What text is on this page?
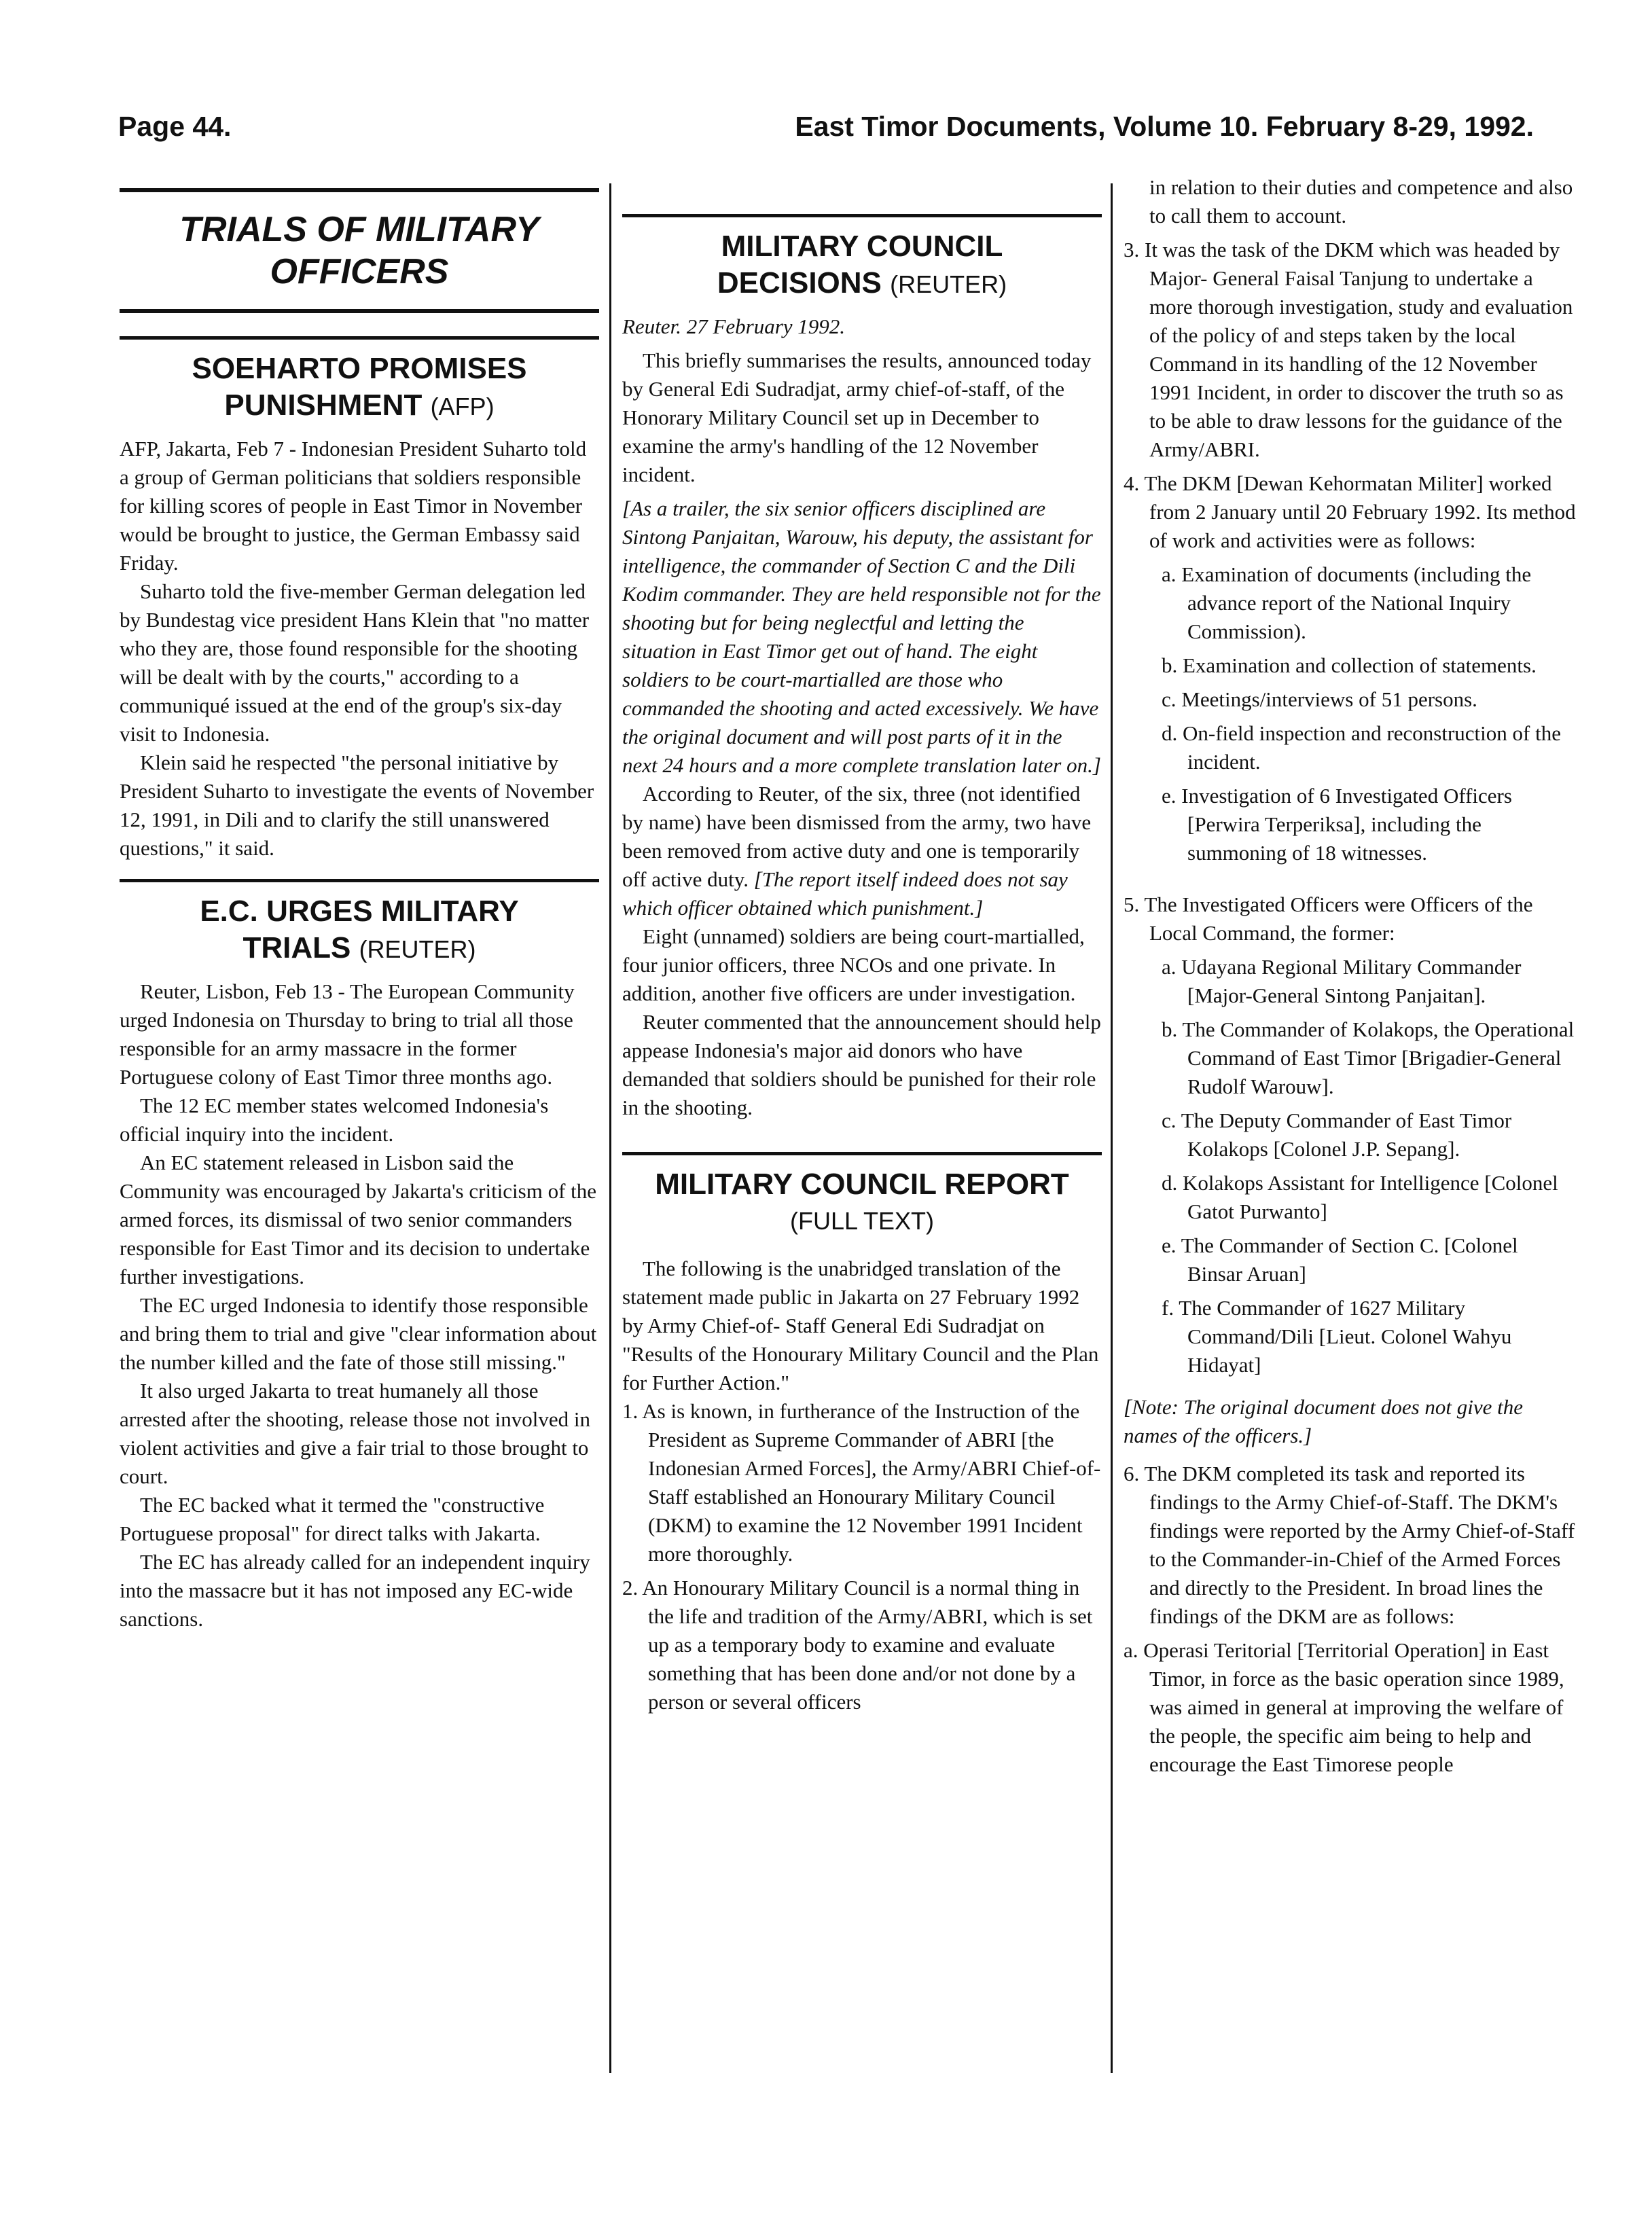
Page 44.	East Timor Documents, Volume 10. February 8-29, 1992.
TRIALS OF MILITARY
OFFICERS
SOEHARTO PROMISES
PUNISHMENT (AFP)

AFP, Jakarta, Feb 7 - Indonesian President Suharto told a group of German politicians that soldiers responsible for killing scores of people in East Timor in November would be brought to justice, the German Embassy said Friday.

Suharto told the five-member German delegation led by Bundestag vice president Hans Klein that "no matter who they are, those found responsible for the shooting will be dealt with by the courts," according to a communiqué issued at the end of the group's six-day visit to Indonesia.

Klein said he respected "the personal initiative by President Suharto to investigate the events of November 12, 1991, in Dili and to clarify the still unanswered questions," it said.

E.C. URGES MILITARY
TRIALS (REUTER)

Reuter, Lisbon, Feb 13 - The European Community urged Indonesia on Thursday to bring to trial all those responsible for an army massacre in the former Portuguese colony of East Timor three months ago.

The 12 EC member states welcomed Indonesia's official inquiry into the incident.

An EC statement released in Lisbon said the Community was encouraged by Jakarta's criticism of the armed forces, its dismissal of two senior commanders responsible for East Timor and its decision to undertake further investigations.

The EC urged Indonesia to identify those responsible and bring them to trial and give "clear information about the number killed and the fate of those still missing."

It also urged Jakarta to treat humanely all those arrested after the shooting, release those not involved in violent activities and give a fair trial to those brought to court.

The EC backed what it termed the "constructive Portuguese proposal" for direct talks with Jakarta.

The EC has already called for an independent inquiry into the massacre but it has not imposed any EC-wide sanctions.

MILITARY COUNCIL
DECISIONS (REUTER)

Reuter. 27 February 1992.

This briefly summarises the results, announced today by General Edi Sudradjat, army chief-of-staff, of the Honorary Military Council set up in December to examine the army's handling of the 12 November incident.

[As a trailer, the six senior officers disciplined are Sintong Panjaitan, Warouw, his deputy, the assistant for intelligence, the commander of Section C and the Dili Kodim commander. They are held responsible not for the shooting but for being neglectful and letting the situation in East Timor get out of hand. The eight soldiers to be court-martialled are those who commanded the shooting and acted excessively. We have the original document and will post parts of it in the next 24 hours and a more complete translation later on.]

According to Reuter, of the six, three (not identified by name) have been dismissed from the army, two have been removed from active duty and one is temporarily off active duty. [The report itself indeed does not say which officer obtained which punishment.]

Eight (unnamed) soldiers are being court-martialled, four junior officers, three NCOs and one private. In addition, another five officers are under investigation.

Reuter commented that the announcement should help appease Indonesia's major aid donors who have demanded that soldiers should be punished for their role in the shooting.

MILITARY COUNCIL REPORT
(FULL TEXT)

The following is the unabridged translation of the statement made public in Jakarta on 27 February 1992 by Army Chief-of- Staff General Edi Sudradjat on "Results of the Honourary Military Council and the Plan for Further Action."

1. As is known, in furtherance of the Instruction of the President as Supreme Commander of ABRI [the Indonesian Armed Forces], the Army/ABRI Chief-of-Staff established an Honourary Military Council (DKM) to examine the 12 November 1991 Incident more thoroughly.
2. An Honourary Military Council is a normal thing in the life and tradition of the Army/ABRI, which is set up as a temporary body to examine and evaluate something that has been done and/or not done by a person or several officers
in relation to their duties and competence and also to call them to account.
3. It was the task of the DKM which was headed by Major- General Faisal Tanjung to undertake a more thorough investigation, study and evaluation of the policy of and steps taken by the local Command in its handling of the 12 November 1991 Incident, in order to discover the truth so as to be able to draw lessons for the guidance of the Army/ABRI.
4. The DKM [Dewan Kehormatan Militer] worked from 2 January until 20 February 1992. Its method of work and activities were as follows:
a. Examination of documents (including the advance report of the National Inquiry Commission).
b. Examination and collection of statements.
c. Meetings/interviews of 51 persons.
d. On-field inspection and reconstruction of the incident.
e. Investigation of 6 Investigated Officers [Perwira Terperiksa], including the summoning of 18 witnesses.
5. The Investigated Officers were Officers of the Local Command, the former:
a. Udayana Regional Military Commander [Major-General Sintong Panjaitan].
b. The Commander of Kolakops, the Operational Command of East Timor [Brigadier-General Rudolf Warouw].
c. The Deputy Commander of East Timor Kolakops [Colonel J.P. Sepang].
d. Kolakops Assistant for Intelligence [Colonel Gatot Purwanto]
e. The Commander of Section C. [Colonel Binsar Aruan]
f. The Commander of 1627 Military Command/Dili [Lieut. Colonel Wahyu Hidayat]

[Note: The original document does not give the names of the officers.]

6. The DKM completed its task and reported its findings to the Army Chief-of-Staff. The DKM's findings were reported by the Army Chief-of-Staff to the Commander-in-Chief of the Armed Forces and directly to the President. In broad lines the findings of the DKM are as follows:
a. Operasi Teritorial [Territorial Operation] in East Timor, in force as the basic operation since 1989, was aimed in general at improving the welfare of the people, the specific aim being to help and encourage the East Timorese people
